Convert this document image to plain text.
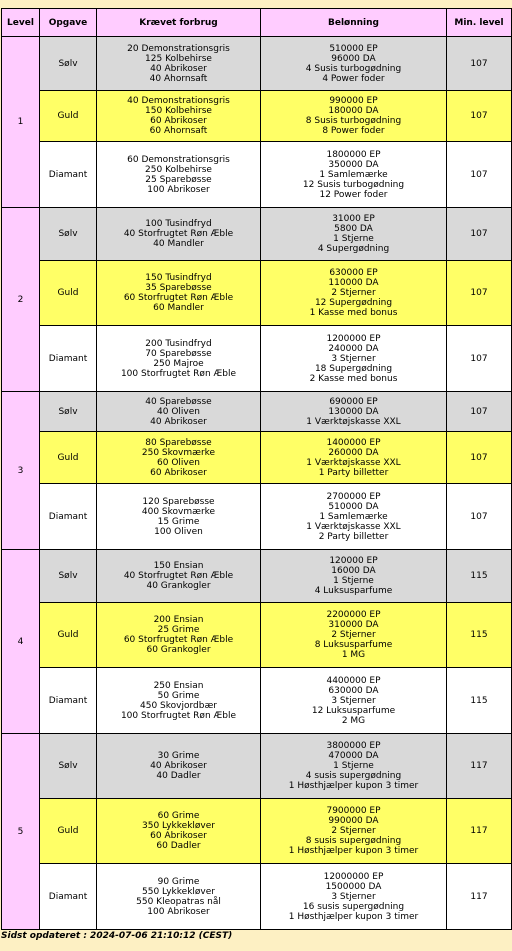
Level	Opgave	Krævet forbrug	Belønning	Min. level
1	Sølv	20 Demonstrationsgris
125 Kolbehirse
40 Abrikoser
40 Ahornsaft	510000 EP
96000 DA
4 Susis turbogødning
4 Power foder	107
	Guld	40 Demonstrationsgris
150 Kolbehirse
60 Abrikoser
60 Ahornsaft	990000 EP
180000 DA
8 Susis turbogødning
8 Power foder	107
	Diamant	60 Demonstrationsgris
250 Kolbehirse
25 Sparebøsse
100 Abrikoser	1800000 EP
350000 DA
1 Samlemærke
12 Susis turbogødning
12 Power foder	107
2	Sølv	100 Tusindfryd
40 Storfrugtet Røn Æble
40 Mandler	31000 EP
5800 DA
1 Stjerne
4 Supergødning	107
	Guld	150 Tusindfryd
35 Sparebøsse
60 Storfrugtet Røn Æble
60 Mandler	630000 EP
110000 DA
2 Stjerner
12 Supergødning
1 Kasse med bonus	107
	Diamant	200 Tusindfryd
70 Sparebøsse
250 Majroe
100 Storfrugtet Røn Æble	1200000 EP
240000 DA
3 Stjerner
18 Supergødning
2 Kasse med bonus	107
3	Sølv	40 Sparebøsse
40 Oliven
40 Abrikoser	690000 EP
130000 DA
1 Værktøjskasse XXL	107
	Guld	80 Sparebøsse
250 Skovmærke
60 Oliven
60 Abrikoser	1400000 EP
260000 DA
1 Værktøjskasse XXL
1 Party billetter	107
	Diamant	120 Sparebøsse
400 Skovmærke
15 Grime
100 Oliven	2700000 EP
510000 DA
1 Samlemærke
1 Værktøjskasse XXL
2 Party billetter	107
4	Sølv	150 Ensian
40 Storfrugtet Røn Æble
40 Grankogler	120000 EP
16000 DA
1 Stjerne
4 Luksusparfume	115
	Guld	200 Ensian
25 Grime
60 Storfrugtet Røn Æble
60 Grankogler	2200000 EP
310000 DA
2 Stjerner
8 Luksusparfume
1 MG	115
	Diamant	250 Ensian
50 Grime
450 Skovjordbær
100 Storfrugtet Røn Æble	4400000 EP
630000 DA
3 Stjerner
12 Luksusparfume
2 MG	115
5	Sølv	30 Grime
40 Abrikoser
40 Dadler	3800000 EP
470000 DA
1 Stjerne
4 susis supergødning
1 Høsthjælper kupon 3 timer	117
	Guld	60 Grime
350 Lykkekløver
60 Abrikoser
60 Dadler	7900000 EP
990000 DA
2 Stjerner
8 susis supergødning
1 Høsthjælper kupon 3 timer	117
	Diamant	90 Grime
550 Lykkekløver
550 Kleopatras nål
100 Abrikoser	12000000 EP
1500000 DA
3 Stjerner
16 susis supergødning
1 Høsthjælper kupon 3 timer	117
Sidst opdateret : 2024-07-06 21:10:12 (CEST)
